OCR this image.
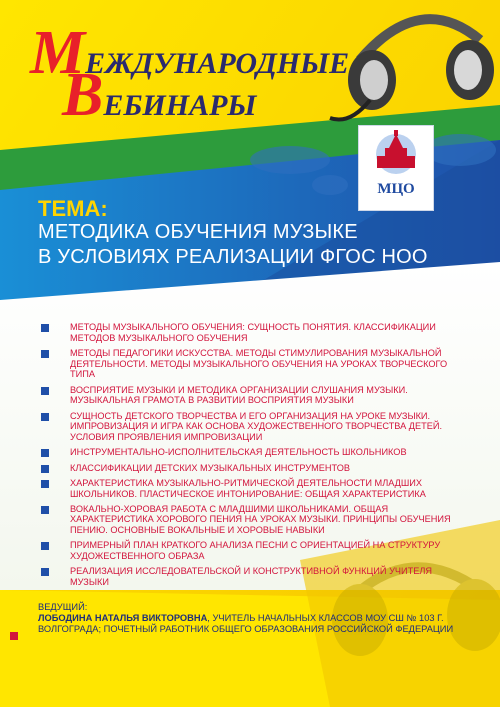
МЕЖДУНАРОДНЫЕ
ВЕБИНАРЫ
МЦО
ТЕМА:
МЕТОДИКА ОБУЧЕНИЯ МУЗЫКЕ
В УСЛОВИЯХ РЕАЛИЗАЦИИ ФГОС НОО
МЕТОДЫ МУЗЫКАЛЬНОГО ОБУЧЕНИЯ: СУЩНОСТЬ ПОНЯТИЯ. КЛАССИФИКАЦИИ МЕТОДОВ МУЗЫКАЛЬНОГО ОБУЧЕНИЯ
МЕТОДЫ ПЕДАГОГИКИ ИСКУССТВА. МЕТОДЫ СТИМУЛИРОВАНИЯ МУЗЫКАЛЬНОЙ ДЕЯТЕЛЬНОСТИ. МЕТОДЫ МУЗЫКАЛЬНОГО ОБУЧЕНИЯ НА УРОКАХ ТВОРЧЕСКОГО ТИПА
ВОСПРИЯТИЕ МУЗЫКИ И МЕТОДИКА ОРГАНИЗАЦИИ СЛУШАНИЯ МУЗЫКИ. МУЗЫКАЛЬНАЯ ГРАМОТА В РАЗВИТИИ ВОСПРИЯТИЯ МУЗЫКИ
СУЩНОСТЬ ДЕТСКОГО ТВОРЧЕСТВА И ЕГО ОРГАНИЗАЦИЯ НА УРОКЕ МУЗЫКИ. ИМПРОВИЗАЦИЯ И ИГРА КАК ОСНОВА ХУДОЖЕСТВЕННОГО ТВОРЧЕСТВА ДЕТЕЙ. УСЛОВИЯ ПРОЯВЛЕНИЯ ИМПРОВИЗАЦИИ
ИНСТРУМЕНТАЛЬНО-ИСПОЛНИТЕЛЬСКАЯ ДЕЯТЕЛЬНОСТЬ ШКОЛЬНИКОВ
КЛАССИФИКАЦИИ ДЕТСКИХ МУЗЫКАЛЬНЫХ ИНСТРУМЕНТОВ
ХАРАКТЕРИСТИКА МУЗЫКАЛЬНО-РИТМИЧЕСКОЙ ДЕЯТЕЛЬНОСТИ МЛАДШИХ ШКОЛЬНИКОВ. ПЛАСТИЧЕСКОЕ ИНТОНИРОВАНИЕ: ОБЩАЯ ХАРАКТЕРИСТИКА
ВОКАЛЬНО-ХОРОВАЯ РАБОТА С МЛАДШИМИ ШКОЛЬНИКАМИ. ОБЩАЯ ХАРАКТЕРИСТИКА ХОРОВОГО ПЕНИЯ НА УРОКАХ МУЗЫКИ. ПРИНЦИПЫ ОБУЧЕНИЯ ПЕНИЮ. ОСНОВНЫЕ ВОКАЛЬНЫЕ И ХОРОВЫЕ НАВЫКИ
ПРИМЕРНЫЙ ПЛАН КРАТКОГО АНАЛИЗА ПЕСНИ С ОРИЕНТАЦИЕЙ НА СТРУКТУРУ ХУДОЖЕСТВЕННОГО ОБРАЗА
РЕАЛИЗАЦИЯ ИССЛЕДОВАТЕЛЬСКОЙ И КОНСТРУКТИВНОЙ ФУНКЦИЙ УЧИТЕЛЯ МУЗЫКИ
ВЕДУЩИЙ:
ЛОБОДИНА НАТАЛЬЯ ВИКТОРОВНА, УЧИТЕЛЬ НАЧАЛЬНЫХ КЛАССОВ МОУ СШ № 103 Г. ВОЛГОГРАДА; ПОЧЕТНЫЙ РАБОТНИК ОБЩЕГО ОБРАЗОВАНИЯ РОССИЙСКОЙ ФЕДЕРАЦИИ
